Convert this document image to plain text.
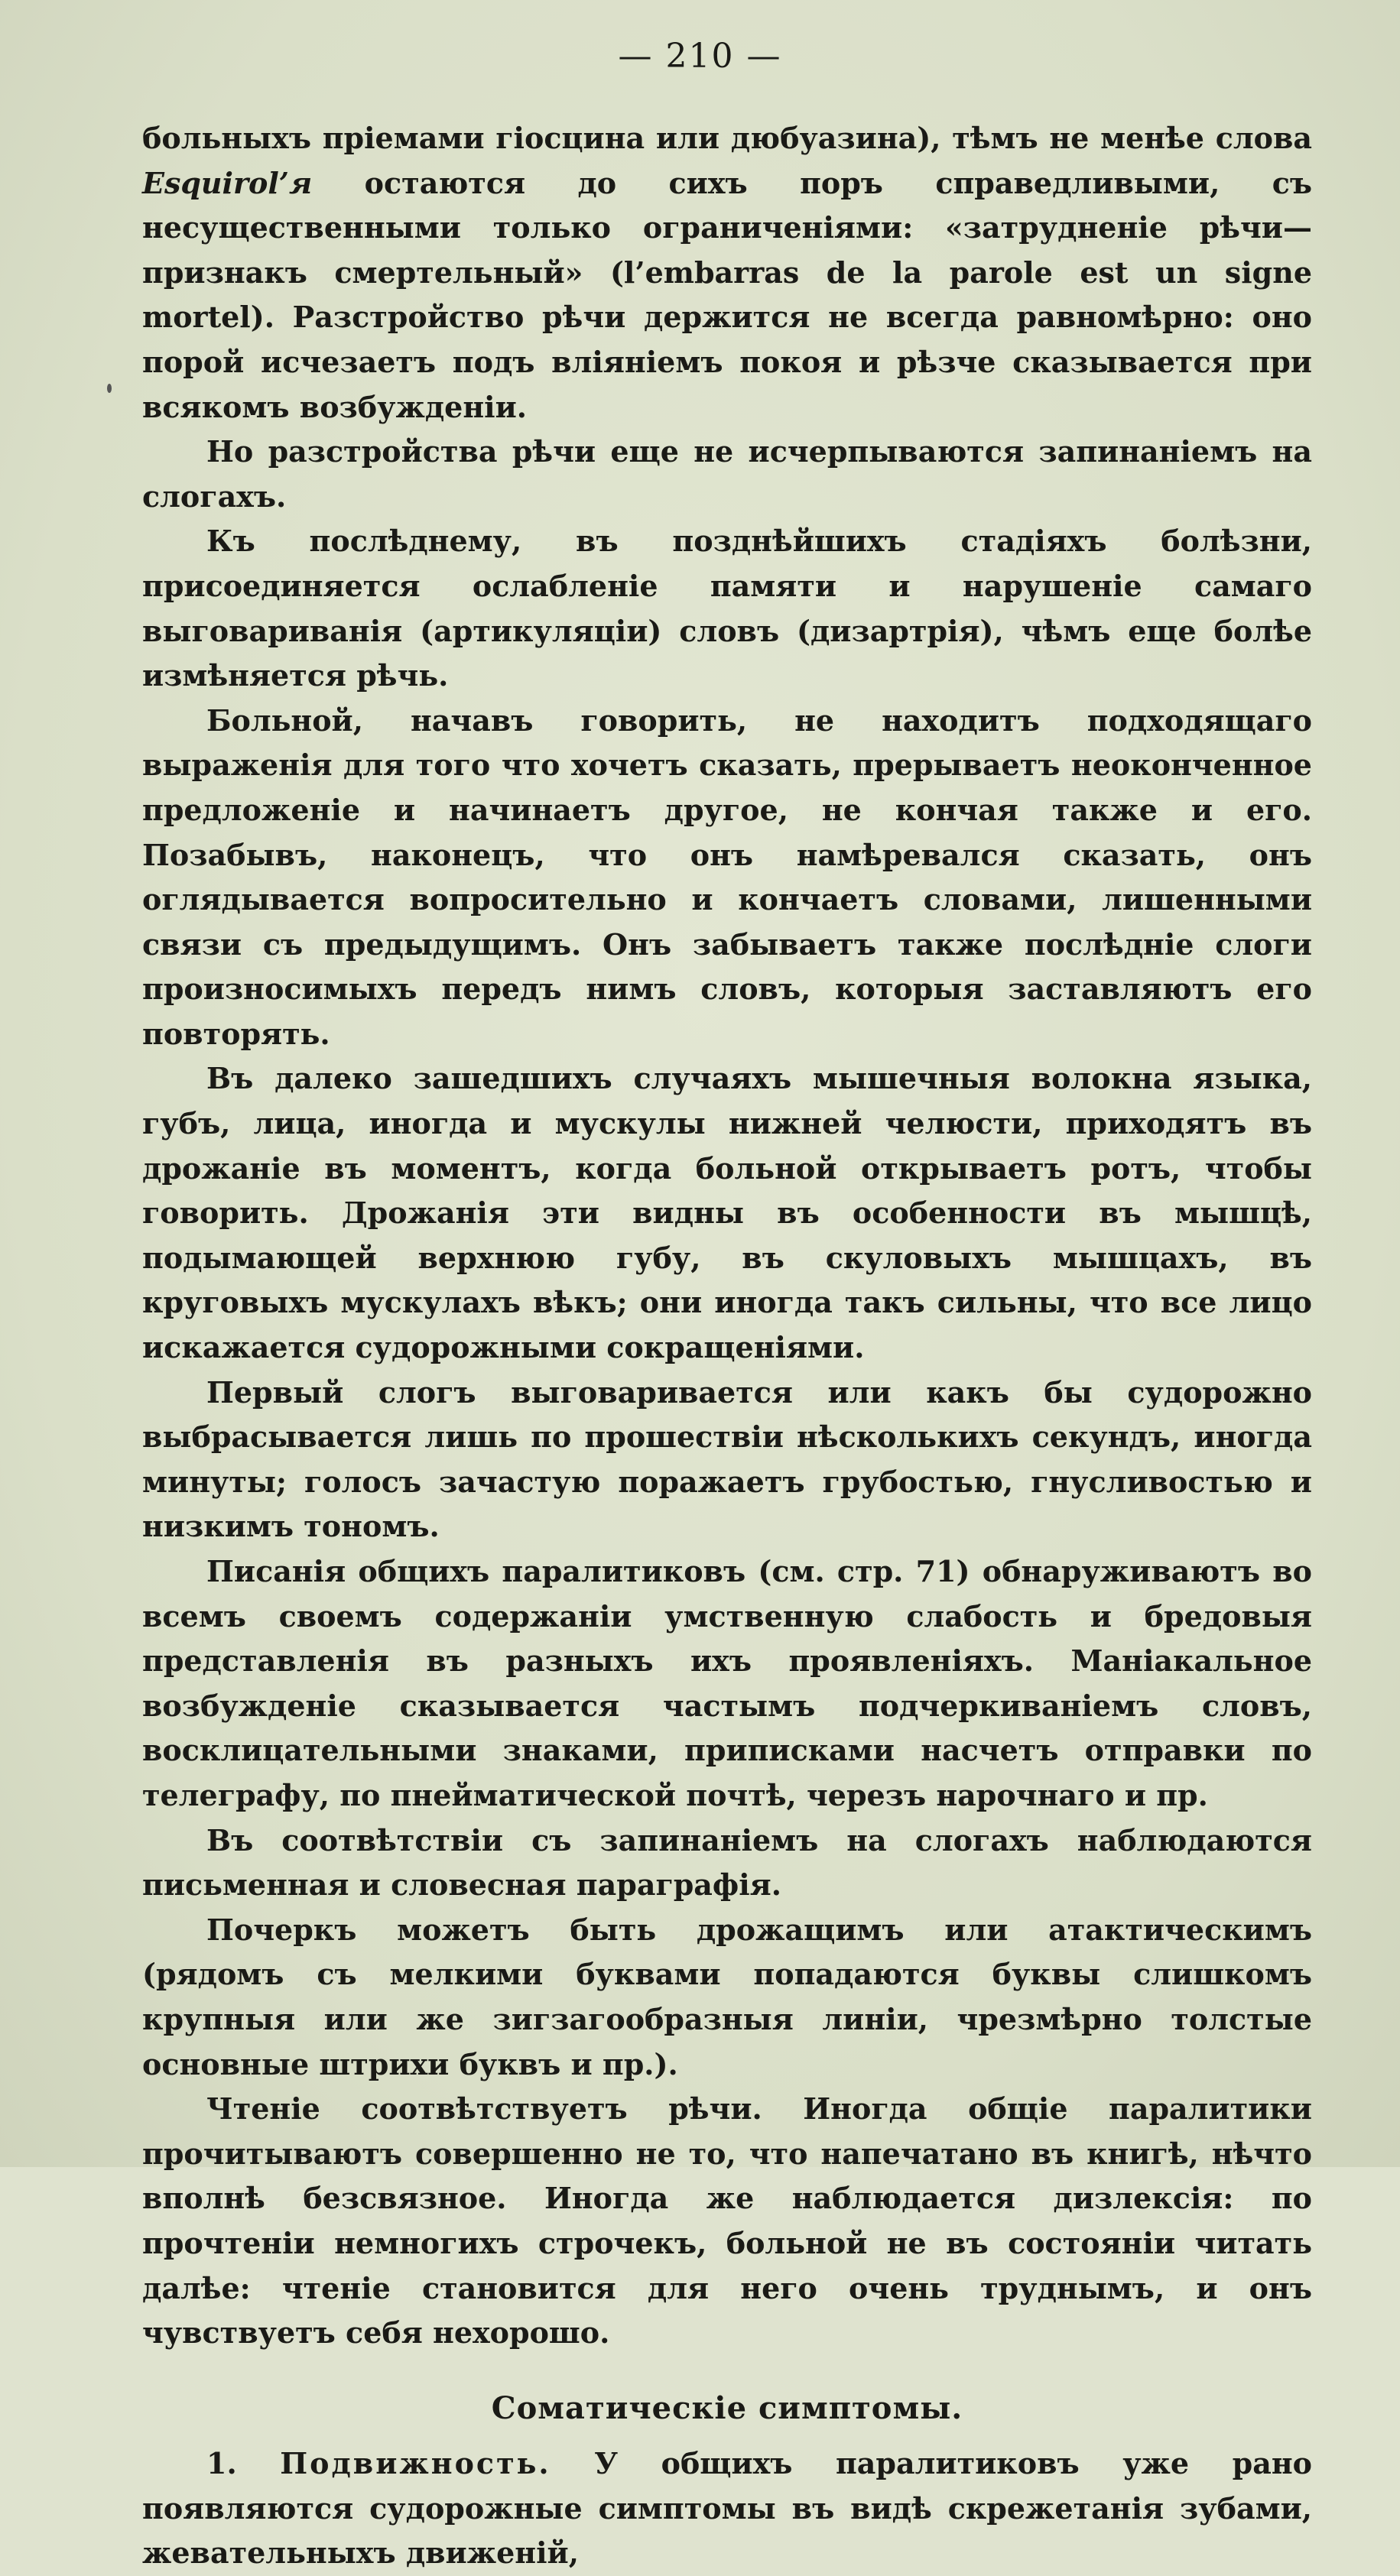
— 210 —

больныхъ пріемами гіосцина или дюбуазина), тѣмъ не менѣе слова Esquirol’я остаются до сихъ поръ справедливыми, съ несущественными только ограниченіями: «затрудненіе рѣчи—признакъ смертельный» (l’embarras de la parole est un signe mortel). Разстройство рѣчи держится не всегда равномѣрно: оно порой исчезаетъ подъ вліяніемъ покоя и рѣзче сказывается при всякомъ возбужденіи.

Но разстройства рѣчи еще не исчерпываются запинаніемъ на слогахъ.

Къ послѣднему, въ позднѣйшихъ стадіяхъ болѣзни, присоединяется ослабленіе памяти и нарушеніе самаго выговариванія (артикуляціи) словъ (дизартрія), чѣмъ еще болѣе измѣняется рѣчь.

Больной, начавъ говорить, не находитъ подходящаго выраженія для того что хочетъ сказать, прерываетъ неоконченное предложеніе и начинаетъ другое, не кончая также и его. Позабывъ, наконецъ, что онъ намѣревался сказать, онъ оглядывается вопросительно и кончаетъ словами, лишенными связи съ предыдущимъ. Онъ забываетъ также послѣдніе слоги произносимыхъ передъ нимъ словъ, которыя заставляютъ его повторять.

Въ далеко зашедшихъ случаяхъ мышечныя волокна языка, губъ, лица, иногда и мускулы нижней челюсти, приходятъ въ дрожаніе въ моментъ, когда больной открываетъ ротъ, чтобы говорить. Дрожанія эти видны въ особенности въ мышцѣ, подымающей верхнюю губу, въ скуловыхъ мышцахъ, въ круговыхъ мускулахъ вѣкъ; они иногда такъ сильны, что все лицо искажается судорожными сокращеніями.

Первый слогъ выговаривается или какъ бы судорожно выбрасывается лишь по прошествіи нѣсколькихъ секундъ, иногда минуты; голосъ зачастую поражаетъ грубостью, гнусливостью и низкимъ тономъ.

Писанія общихъ паралитиковъ (см. стр. 71) обнаруживаютъ во всемъ своемъ содержаніи умственную слабость и бредовыя представленія въ разныхъ ихъ проявленіяхъ. Маніакальное возбужденіе сказывается частымъ подчеркиваніемъ словъ, восклицательными знаками, приписками насчетъ отправки по телеграфу, по пнейматической почтѣ, черезъ нарочнаго и пр.

Въ соотвѣтствіи съ запинаніемъ на слогахъ наблюдаются письменная и словесная параграфія.

Почеркъ можетъ быть дрожащимъ или атактическимъ (рядомъ съ мелкими буквами попадаются буквы слишкомъ крупныя или же зигзагообразныя линіи, чрезмѣрно толстые основные штрихи буквъ и пр.).

Чтеніе соотвѣтствуетъ рѣчи. Иногда общіе паралитики прочитываютъ совершенно не то, что напечатано въ книгѣ, нѣчто вполнѣ безсвязное. Иногда же наблюдается дизлексія: по прочтеніи немногихъ строчекъ, больной не въ состояніи читать далѣе: чтеніе становится для него очень труднымъ, и онъ чувствуетъ себя нехорошо.

Соматическіе симптомы.

1. Подвижность. У общихъ паралитиковъ уже рано появляются судорожные симптомы въ видѣ скрежетанія зубами, жевательныхъ движеній,
